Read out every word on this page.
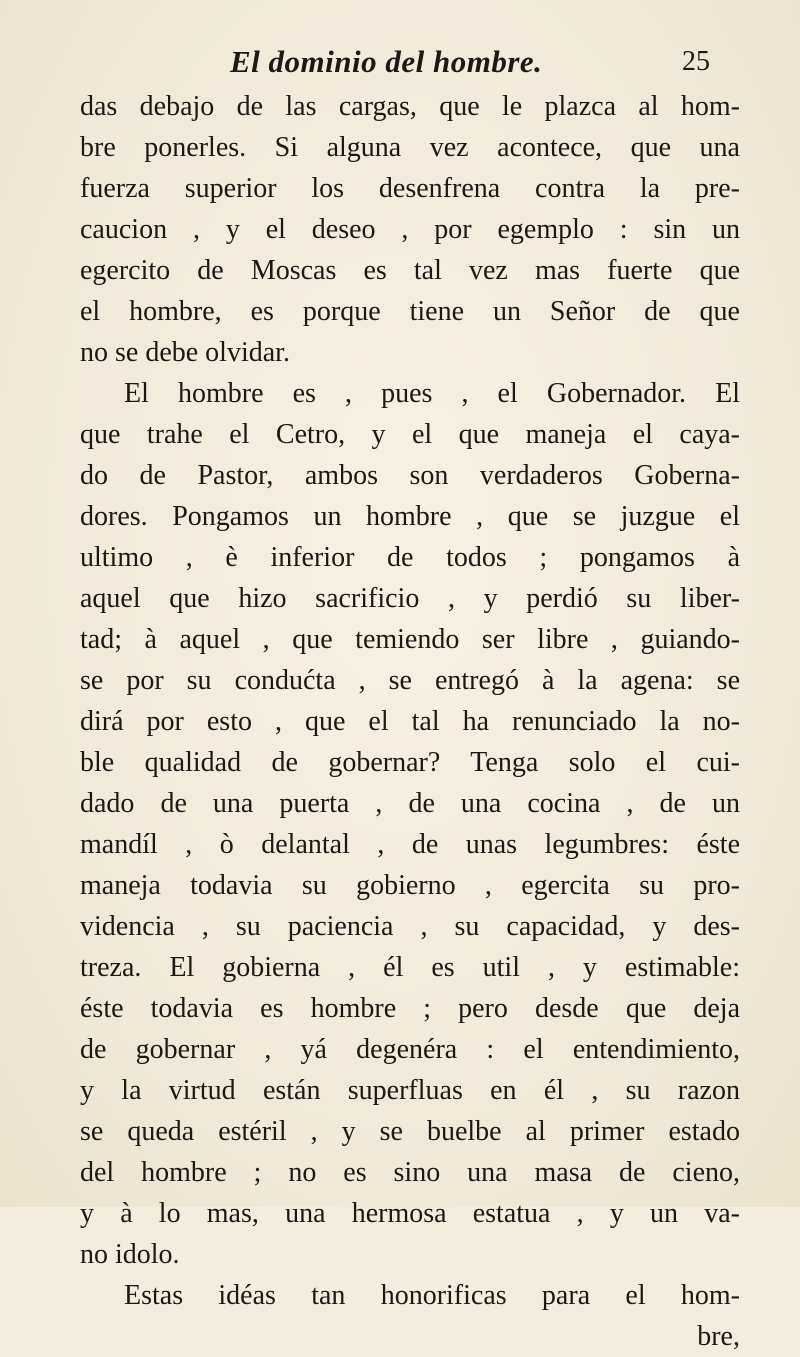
El dominio del hombre.	25
das debajo de las cargas, que le plazca al hom-
bre ponerles. Si alguna vez acontece, que una
fuerza superior los desenfrena contra la pre-
caucion , y el deseo , por egemplo : sin un
egercito de Moscas es tal vez mas fuerte que
el hombre, es porque tiene un Señor de que
no se debe olvidar.
El hombre es , pues , el Gobernador. El
que trahe el Cetro, y el que maneja el caya-
do de Pastor, ambos son verdaderos Goberna-
dores. Pongamos un hombre , que se juzgue el
ultimo , è inferior de todos ; pongamos à
aquel que hizo sacrificio , y perdió su liber-
tad; à aquel , que temiendo ser libre , guiando-
se por su condućta , se entregó à la agena: se
dirá por esto , que el tal ha renunciado la no-
ble qualidad de gobernar? Tenga solo el cui-
dado de una puerta , de una cocina , de un
mandíl , ò delantal , de unas legumbres: éste
maneja todavia su gobierno , egercita su pro-
videncia , su paciencia , su capacidad, y des-
treza. El gobierna , él es util , y estimable:
éste todavia es hombre ; pero desde que deja
de gobernar , yá degenéra : el entendimiento,
y la virtud están superfluas en él , su razon
se queda estéril , y se buelbe al primer estado
del hombre ; no es sino una masa de cieno,
y à lo mas, una hermosa estatua , y un va-
no idolo.
Estas idéas tan honorificas para el hom-
bre,
